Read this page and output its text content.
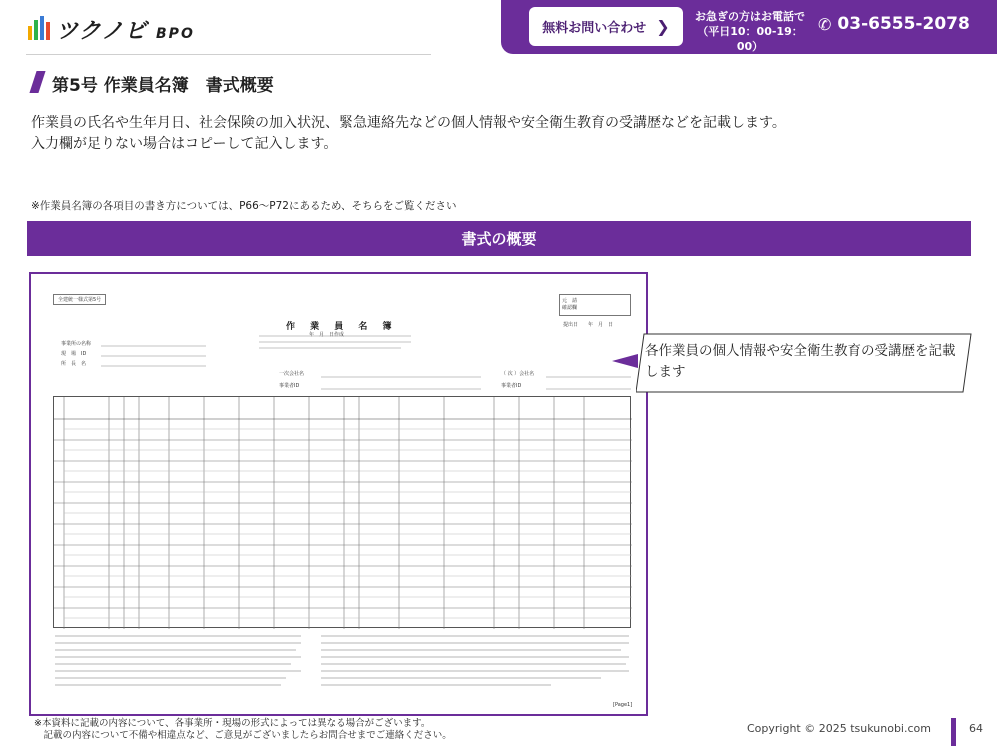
ツクノビ BPO	無料お問い合わせ ❯
お急ぎの方はお電話で
（平日10：00-19：00）
✆ 03-6555-2078
第5号 作業員名簿　書式概要
作業員の氏名や生年月日、社会保険の加入状況、緊急連絡先などの個人情報や安全衛生教育の受講歴などを記載します。
入力欄が足りない場合はコピーして記入します。
※作業員名簿の各項目の書き方については、P66～P72にあるため、そちらをご覧ください
書式の概要
全建統一様式第5号
作 業 員 名 簿
年　月　日作成
元　請
確認欄
提出日　　年　月　日
事業所の名称
現　場　ID
所　長　名
一次会社名
事業者ID
（ 次 ）会社名
事業者ID
[Page1]
各作業員の個人情報や安全衛生教育の受講歴を記載します
※本資料に記載の内容について、各事業所・現場の形式によっては異なる場合がございます。
　記載の内容について不備や相違点など、ご意見がございましたらお問合せまでご連絡ください。
Copyright © 2025 tsukunobi.com	64
